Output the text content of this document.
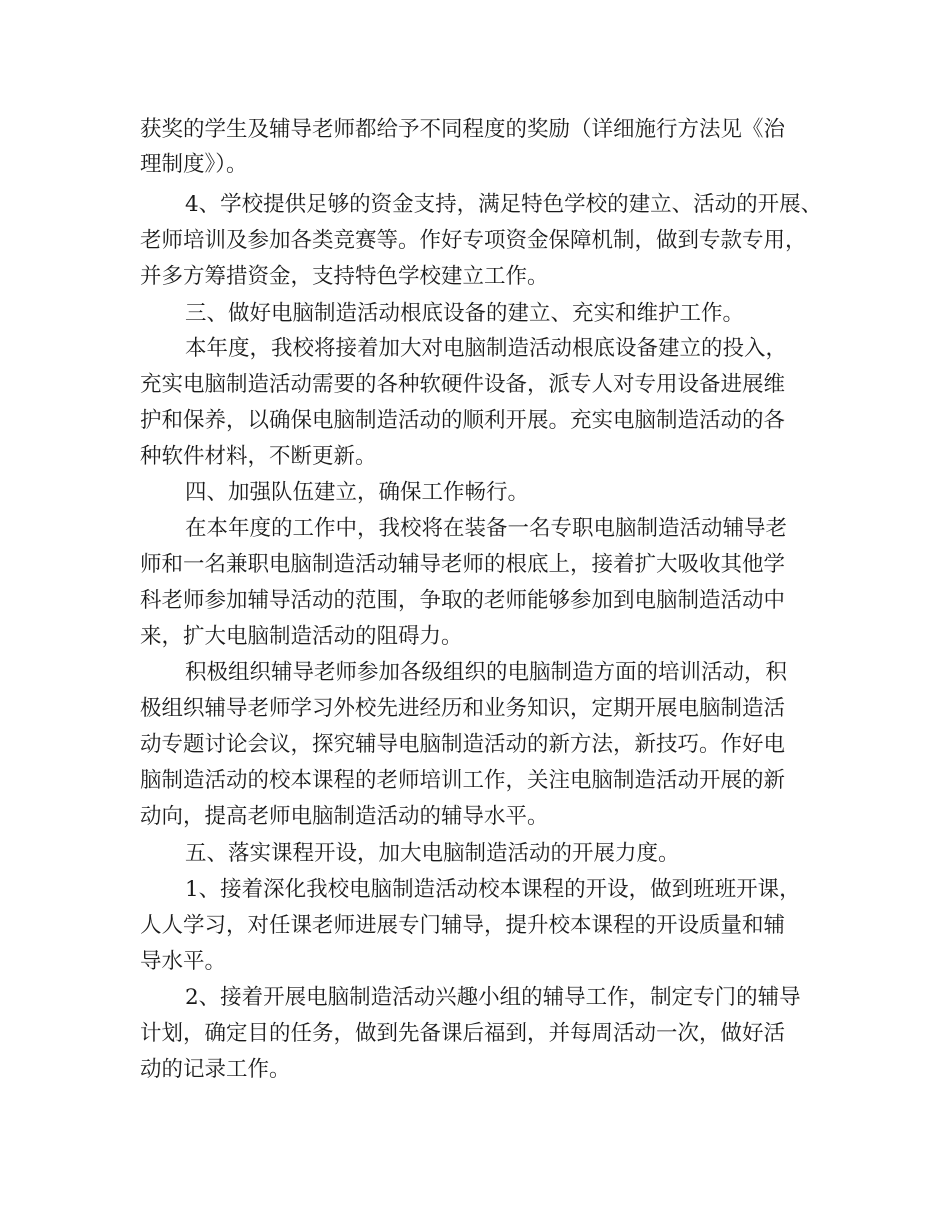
获奖的学生及辅导老师都给予不同程度的奖励（详细施行方法见《治
理制度》）。
4、学校提供足够的资金支持，满足特色学校的建立、活动的开展、
老师培训及参加各类竞赛等。作好专项资金保障机制，做到专款专用，
并多方筹措资金，支持特色学校建立工作。
三、做好电脑制造活动根底设备的建立、充实和维护工作。
本年度，我校将接着加大对电脑制造活动根底设备建立的投入，
充实电脑制造活动需要的各种软硬件设备，派专人对专用设备进展维
护和保养，以确保电脑制造活动的顺利开展。充实电脑制造活动的各
种软件材料，不断更新。
四、加强队伍建立，确保工作畅行。
在本年度的工作中，我校将在装备一名专职电脑制造活动辅导老
师和一名兼职电脑制造活动辅导老师的根底上，接着扩大吸收其他学
科老师参加辅导活动的范围，争取的老师能够参加到电脑制造活动中
来，扩大电脑制造活动的阻碍力。
积极组织辅导老师参加各级组织的电脑制造方面的培训活动，积
极组织辅导老师学习外校先进经历和业务知识，定期开展电脑制造活
动专题讨论会议，探究辅导电脑制造活动的新方法，新技巧。作好电
脑制造活动的校本课程的老师培训工作，关注电脑制造活动开展的新
动向，提高老师电脑制造活动的辅导水平。
五、落实课程开设，加大电脑制造活动的开展力度。
1、接着深化我校电脑制造活动校本课程的开设，做到班班开课，
人人学习，对任课老师进展专门辅导，提升校本课程的开设质量和辅
导水平。
2、接着开展电脑制造活动兴趣小组的辅导工作，制定专门的辅导
计划，确定目的任务，做到先备课后福到，并每周活动一次，做好活
动的记录工作。
